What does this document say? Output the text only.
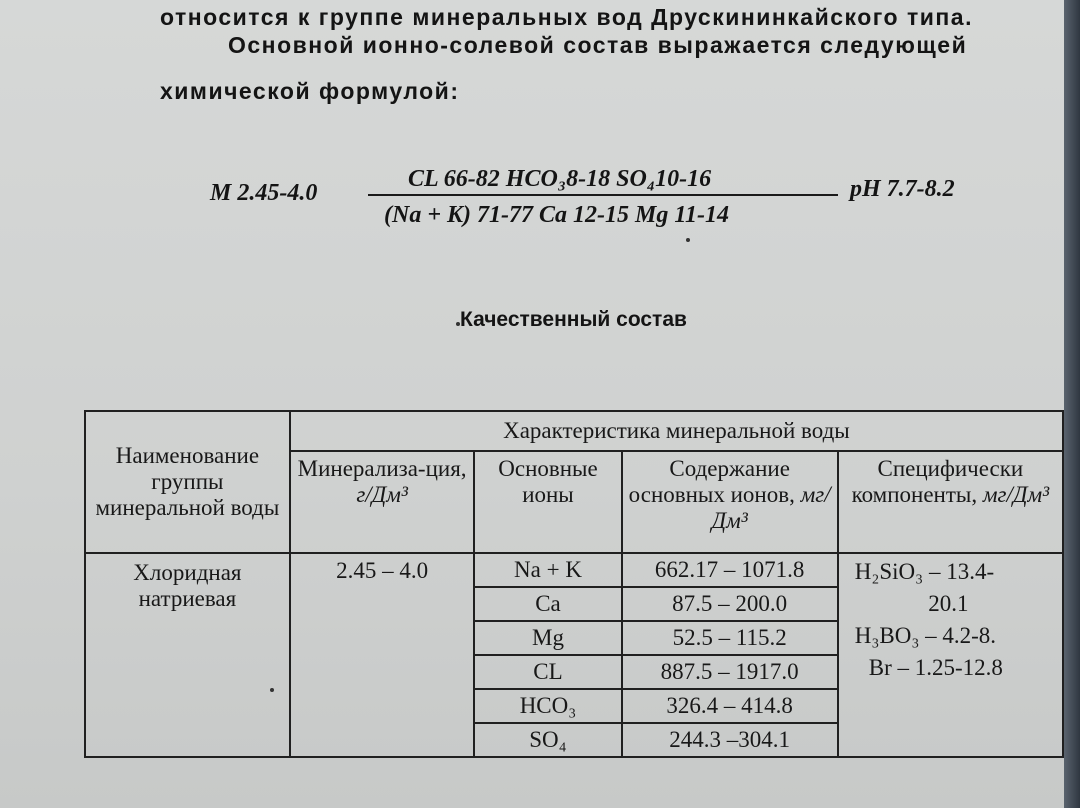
относится к группе минеральных вод Друскининкайского типа.
Основной ионно-солевой состав выражается следующей
химической формулой:
M 2.45-4.0
CL 66-82 HCO₃8-18 SO₄10-16
(Na + K) 71-77 Ca 12-15 Mg 11-14
pH 7.7-8.2
Качественный состав
Наименование группы минеральной воды	Характеристика минеральной воды			
	Минерализа-ция, г/Дм³	Основные ионы	Содержание основных ионов, мг/Дм³	Специфически компоненты, мг/Дм³
Хлоридная натриевая	2.45 – 4.0	Na + K	662.17 – 1071.8	H₂SiO₃ – 13.4-
20.1
H₃BO₃ – 4.2-8.
Br – 1.25-12.8

		Ca	87.5 – 200.0	
		Mg	52.5 – 115.2	
		CL	887.5 – 1917.0	
		HCO₃	326.4 – 414.8	
		SO₄	244.3 –304.1	
